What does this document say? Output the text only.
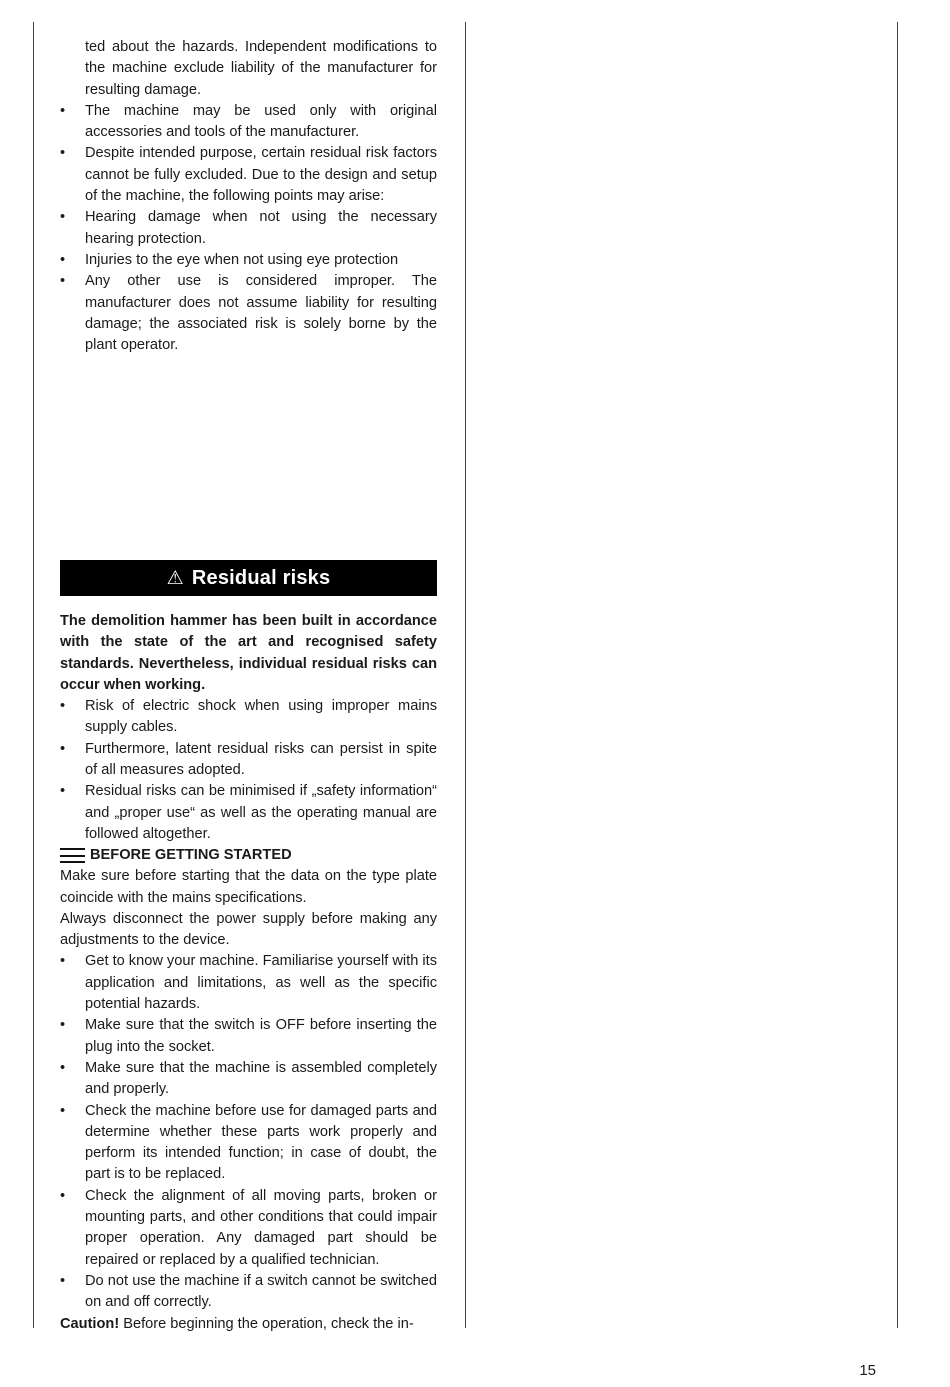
ted about the hazards. Independent modifications to the machine exclude liability of the manufacturer for resulting damage.

• The machine may be used only with original accessories and tools of the manufacturer.
• Despite intended purpose, certain residual risk factors cannot be fully excluded. Due to the design and setup of the machine, the following points may arise:
• Hearing damage when not using the necessary hearing protection.
• Injuries to the eye when not using eye protection
• Any other use is considered improper. The manufacturer does not assume liability for resulting damage; the associated risk is solely borne by the plant operator.
⚠ Residual risks

The demolition hammer has been built in accordance with the state of the art and recognised safety standards. Nevertheless, individual residual risks can occur when working.

• Risk of electric shock when using improper mains supply cables.
• Furthermore, latent residual risks can persist in spite of all measures adopted.
• Residual risks can be minimised if „safety information“ and „proper use“ as well as the operating manual are followed altogether.
BEFORE GETTING STARTED

Make sure before starting that the data on the type plate coincide with the mains specifications.

Always disconnect the power supply before making any adjustments to the device.

• Get to know your machine. Familiarise yourself with its application and limitations, as well as the specific potential hazards.
• Make sure that the switch is OFF before inserting the plug into the socket.
• Make sure that the machine is assembled completely and properly.
• Check the machine before use for damaged parts and determine whether these parts work properly and perform its intended function; in case of doubt, the part is to be replaced.
• Check the alignment of all moving parts, broken or mounting parts, and other conditions that could impair proper operation. Any damaged part should be repaired or replaced by a qualified technician.
• Do not use the machine if a switch cannot be switched on and off correctly.

Caution! Before beginning the operation, check the in-

15
